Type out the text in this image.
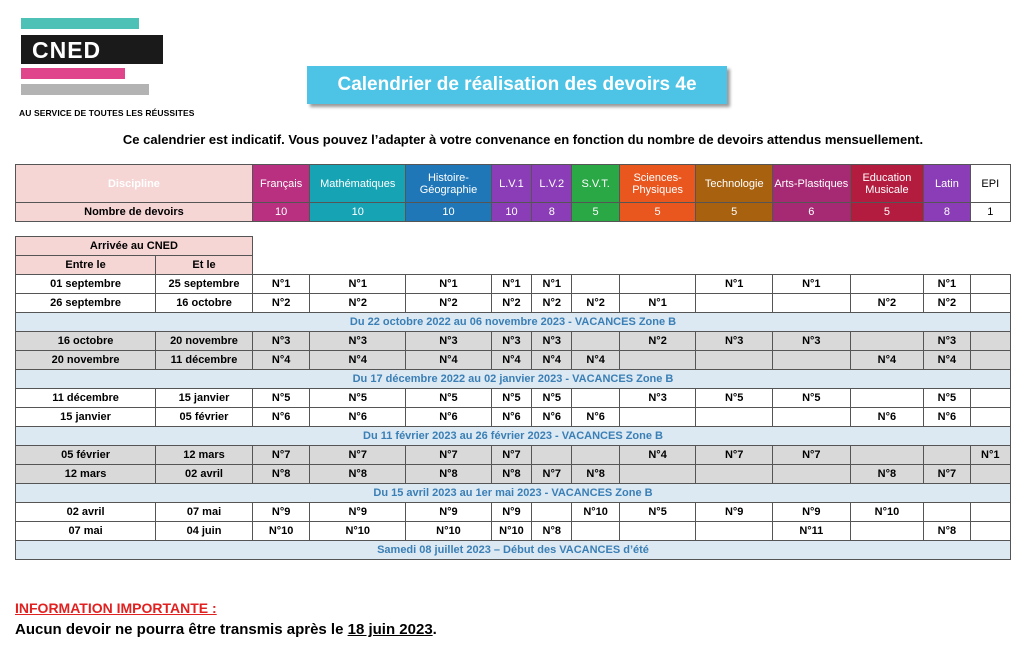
CNED
AU SERVICE DE TOUTES LES RÉUSSITES
Calendrier de réalisation des devoirs 4e
Ce calendrier est indicatif. Vous pouvez l’adapter à votre convenance en fonction du nombre de devoirs attendus mensuellement.
Discipline	Français	Mathématiques	Histoire-Géographie	L.V.1	L.V.2	S.V.T.	Sciences-Physiques	Technologie	Arts-Plastiques	Education Musicale	Latin	EPI
Nombre de devoirs	10	10	10	10	8	5	5	5	6	5	8	1
Arrivée au CNED													
Entre le	Et le												
01 septembre	25 septembre	N°1	N°1	N°1	N°1	N°1			N°1	N°1		N°1	
26 septembre	16 octobre	N°2	N°2	N°2	N°2	N°2	N°2	N°1			N°2	N°2	
Du 22 octobre 2022 au 06 novembre 2023 - VACANCES Zone B													
16 octobre	20 novembre	N°3	N°3	N°3	N°3	N°3		N°2	N°3	N°3		N°3	
20 novembre	11 décembre	N°4	N°4	N°4	N°4	N°4	N°4				N°4	N°4	
Du 17 décembre 2022 au 02 janvier 2023 - VACANCES Zone B													
11 décembre	15 janvier	N°5	N°5	N°5	N°5	N°5		N°3	N°5	N°5		N°5	
15 janvier	05 février	N°6	N°6	N°6	N°6	N°6	N°6				N°6	N°6	
Du 11 février 2023 au 26 février 2023 - VACANCES Zone B													
05 février	12 mars	N°7	N°7	N°7	N°7			N°4	N°7	N°7			N°1
12 mars	02 avril	N°8	N°8	N°8	N°8	N°7	N°8				N°8	N°7	
Du 15 avril 2023 au 1er mai 2023 - VACANCES Zone B													
02 avril	07 mai	N°9	N°9	N°9	N°9		N°10	N°5	N°9	N°9	N°10		
07 mai	04 juin	N°10	N°10	N°10	N°10	N°8				N°11		N°8	
Samedi 08 juillet 2023 – Début des VACANCES d’été													
INFORMATION IMPORTANTE :
Aucun devoir ne pourra être transmis après le 18 juin 2023.
